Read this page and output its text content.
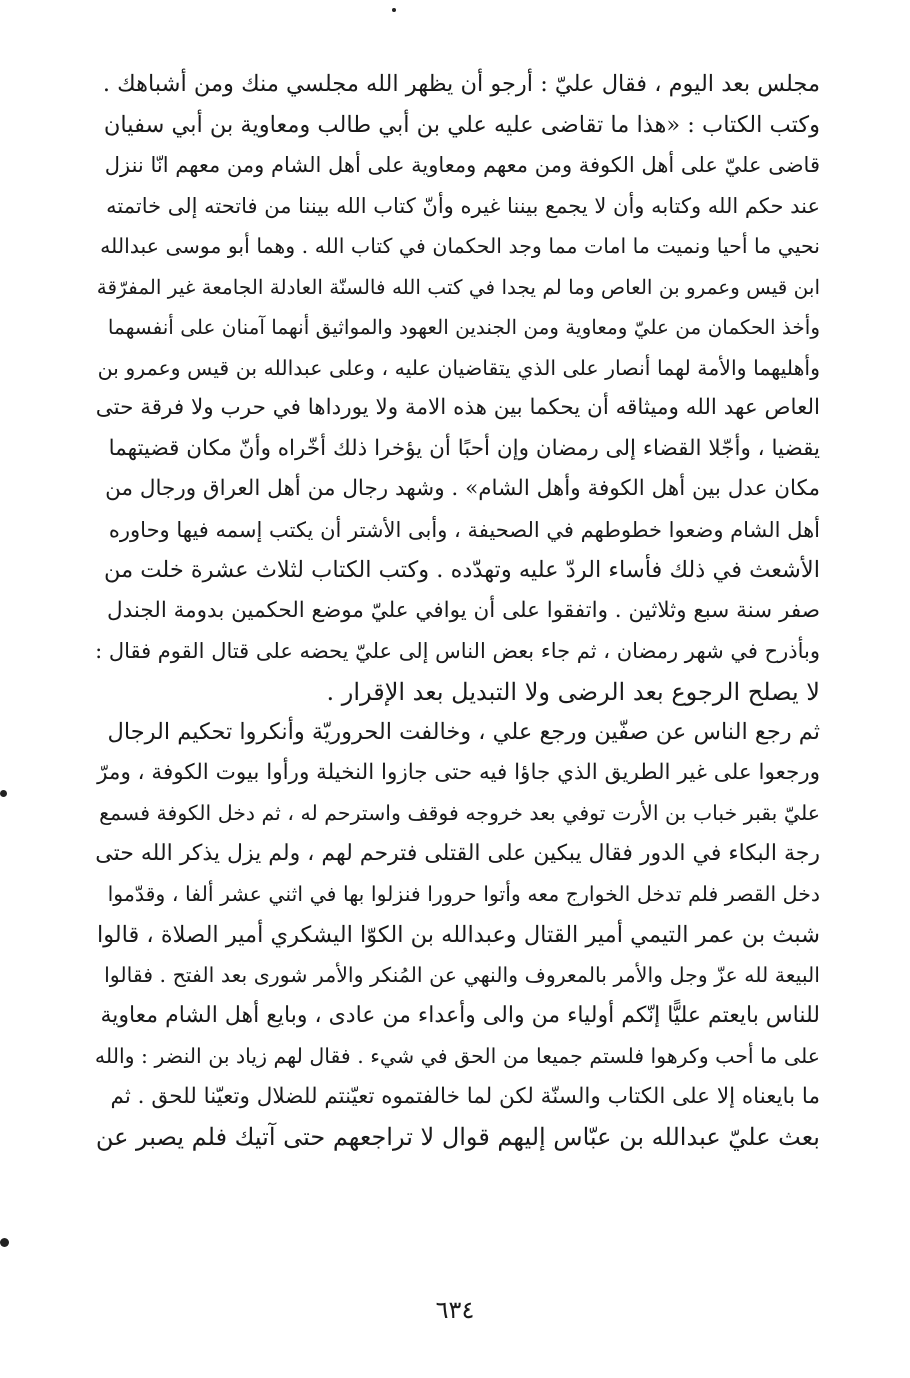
مجلس بعد اليوم ، فقال عليّ : أرجو أن يظهر الله مجلسي منك ومن أشباهك .
وكتب الكتاب : «هذا ما تقاضى عليه علي بن أبي طالب ومعاوية بن أبي سفيان
قاضى عليّ على أهل الكوفة ومن معهم ومعاوية على أهل الشام ومن معهم انّا ننزل
عند حكم الله وكتابه وأن لا يجمع بيننا غيره وأنّ كتاب الله بيننا من فاتحته إلى خاتمته
نحيي ما أحيا ونميت ما امات مما وجد الحكمان في كتاب الله . وهما أبو موسى عبدالله
ابن قيس وعمرو بن العاص وما لم يجدا في كتب الله فالسنّة العادلة الجامعة غير المفرّقة
وأخذ الحكمان من عليّ ومعاوية ومن الجندين العهود والمواثيق أنهما آمنان على أنفسهما
وأهليهما والأمة لهما أنصار على الذي يتقاضيان عليه ، وعلى عبدالله بن قيس وعمرو بن
العاص عهد الله وميثاقه أن يحكما بين هذه الامة ولا يورداها في حرب ولا فرقة حتى
يقضيا ، وأجّلا القضاء إلى رمضان وإن أحبًا أن يؤخرا ذلك أخّراه وأنّ مكان قضيتهما
مكان عدل بين أهل الكوفة وأهل الشام» . وشهد رجال من أهل العراق ورجال من
أهل الشام وضعوا خطوطهم في الصحيفة ، وأبى الأشتر أن يكتب إسمه فيها وحاوره
الأشعث في ذلك فأساء الردّ عليه وتهدّده . وكتب الكتاب لثلاث عشرة خلت من
صفر سنة سبع وثلاثين . واتفقوا على أن يوافي عليّ موضع الحكمين بدومة الجندل
وبأذرح في شهر رمضان ، ثم جاء بعض الناس إلى عليّ يحضه على قتال القوم فقال :
لا يصلح الرجوع بعد الرضى ولا التبديل بعد الإقرار .
ثم رجع الناس عن صفّين ورجع علي ، وخالفت الحروريّة وأنكروا تحكيم الرجال
ورجعوا على غير الطريق الذي جاؤا فيه حتى جازوا النخيلة ورأوا بيوت الكوفة ، ومرّ
عليّ بقبر خباب بن الأرت توفي بعد خروجه فوقف واسترحم له ، ثم دخل الكوفة فسمع
رجة البكاء في الدور فقال يبكين على القتلى فترحم لهم ، ولم يزل يذكر الله حتى
دخل القصر فلم تدخل الخوارج معه وأتوا حرورا فنزلوا بها في اثني عشر ألفا ، وقدّموا
شبث بن عمر التيمي أمير القتال وعبدالله بن الكوّا اليشكري أمير الصلاة ، قالوا
البيعة لله عزّ وجل والأمر بالمعروف والنهي عن المُنكر والأمر شورى بعد الفتح . فقالوا
للناس بايعتم عليًّا إنّكم أولياء من والى وأعداء من عادى ، وبايع أهل الشام معاوية
على ما أحب وكرهوا فلستم جميعا من الحق في شيء . فقال لهم زياد بن النضر : والله
ما بايعناه إلا على الكتاب والسنّة لكن لما خالفتموه تعيّنتم للضلال وتعيّنا للحق . ثم
بعث عليّ عبدالله بن عبّاس إليهم قوال لا تراجعهم حتى آتيك فلم يصبر عن
٦٣٤
